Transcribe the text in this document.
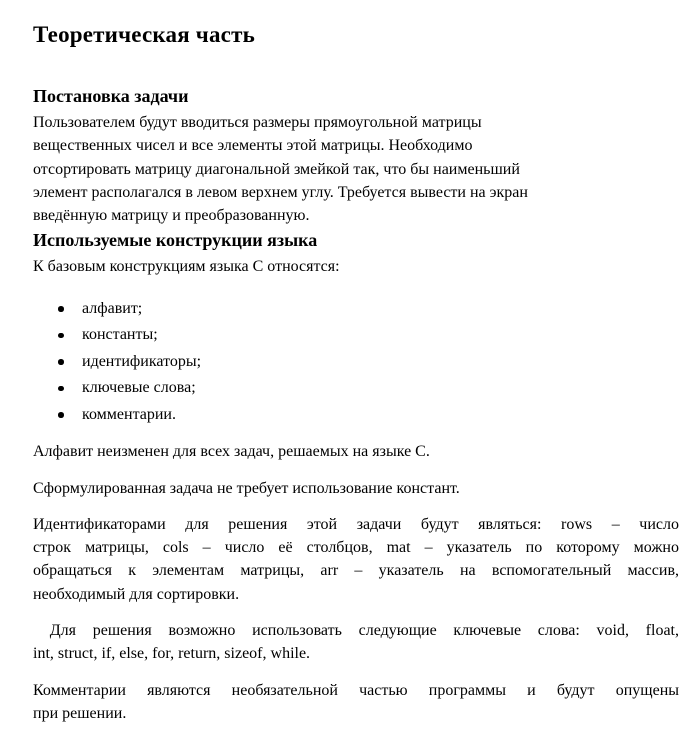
Теоретическая часть
Постановка задачи
Пользователем будут вводиться размеры прямоугольной матрицы
вещественных чисел и все элементы этой матрицы. Необходимо
отсортировать матрицу диагональной змейкой так, что бы наименьший
элемент располагался в левом верхнем углу. Требуется вывести на экран
введённую матрицу и преобразованную.
Используемые конструкции языка
К базовым конструкциям языка C относятся:
алфавит;
константы;
идентификаторы;
ключевые слова;
комментарии.
Алфавит неизменен для всех задач, решаемых на языке C.
Сформулированная задача не требует использование констант.
Идентификаторами для решения этой задачи будут являться: rows – число
строк матрицы, cols – число её столбцов, mat – указатель по которому можно
обращаться к элементам матрицы, arr – указатель на вспомогательный массив,
необходимый для сортировки.
Для решения возможно использовать следующие ключевые слова: void, float,
int, struct, if, else, for, return, sizeof, while.
Комментарии являются необязательной частью программы и будут опущены
при решении.
